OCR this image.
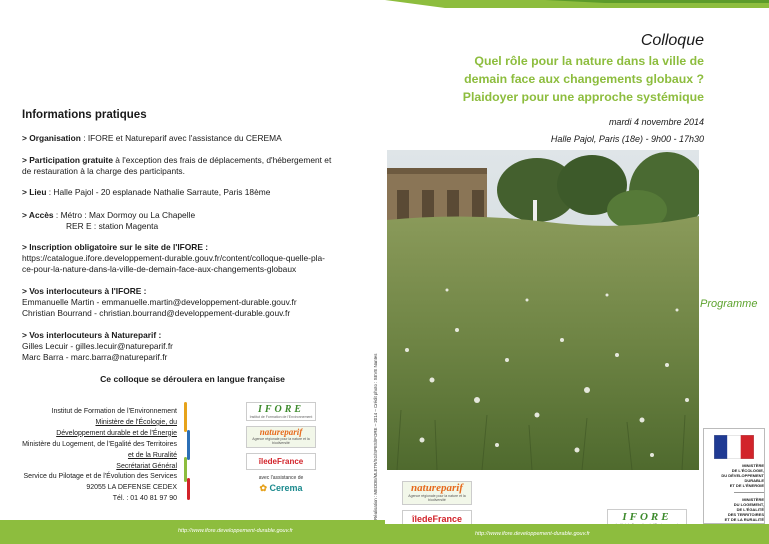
Informations pratiques
> Organisation : IFORE et Natureparif avec l'assistance du CEREMA
> Participation gratuite à l'exception des frais de déplacements, d'hébergement et
de restauration à la charge des participants.
> Lieu : Halle Pajol - 20 esplanade Nathalie Sarraute, Paris 18ème
> Accès : Métro : Max Dormoy ou La Chapelle
RER E : station Magenta
> Inscription obligatoire sur le site de l'IFORE :
https://catalogue.ifore.developpement-durable.gouv.fr/content/colloque-quelle-pla-
ce-pour-la-nature-dans-la-ville-de-demain-face-aux-changements-globaux
> Vos interlocuteurs à l'IFORE :
Emmanuelle Martin - emmanuelle.martin@developpement-durable.gouv.fr
Christian Bourrand - christian.bourrand@developpement-durable.gouv.fr
> Vos interlocuteurs à Natureparif :
Gilles Lecuir - gilles.lecuir@natureparif.fr
Marc Barra - marc.barra@natureparif.fr
Ce colloque se déroulera en langue française
Institut de Formation de l'Environnement
Ministère de l'Écologie, du
Développement durable et de l'Énergie
Ministère du Logement, de l'Egalité des Territoires
et de la Ruralité
Secrétariat Général
Service du Pilotage et de l'Évolution des Services
92055 LA DEFENSE CEDEX
Tél. : 01 40 81 97 90
IFORE
Institut de Formation de l'Environnement
natureparif
Agence régionale pour la nature et la biodiversité
îledeFrance
avec l'assistance de
✿ Cerema
http://www.ifore.developpement-durable.gouv.fr
Réalisation : MEDDE/MLETR/SG/SPES/IFORE – 2014 – Crédit photo : SEVE Nantes
Colloque
Quel rôle pour la nature dans la ville de
demain face aux changements globaux ?
Plaidoyer pour une approche systémique
mardi 4 novembre 2014
Halle Pajol, Paris (18e) - 9h00 - 17h30
Programme
natureparif
Agence régionale pour la nature et la biodiversité
îledeFrance	IFORE
MINISTÈRE
DE L'ÉCOLOGIE,
DU DÉVELOPPEMENT
DURABLE
ET DE L'ÉNERGIE
MINISTÈRE
DU LOGEMENT,
DE L'ÉGALITÉ
DES TERRITOIRES
ET DE LA RURALITÉ
http://www.ifore.developpement-durable.gouv.fr
